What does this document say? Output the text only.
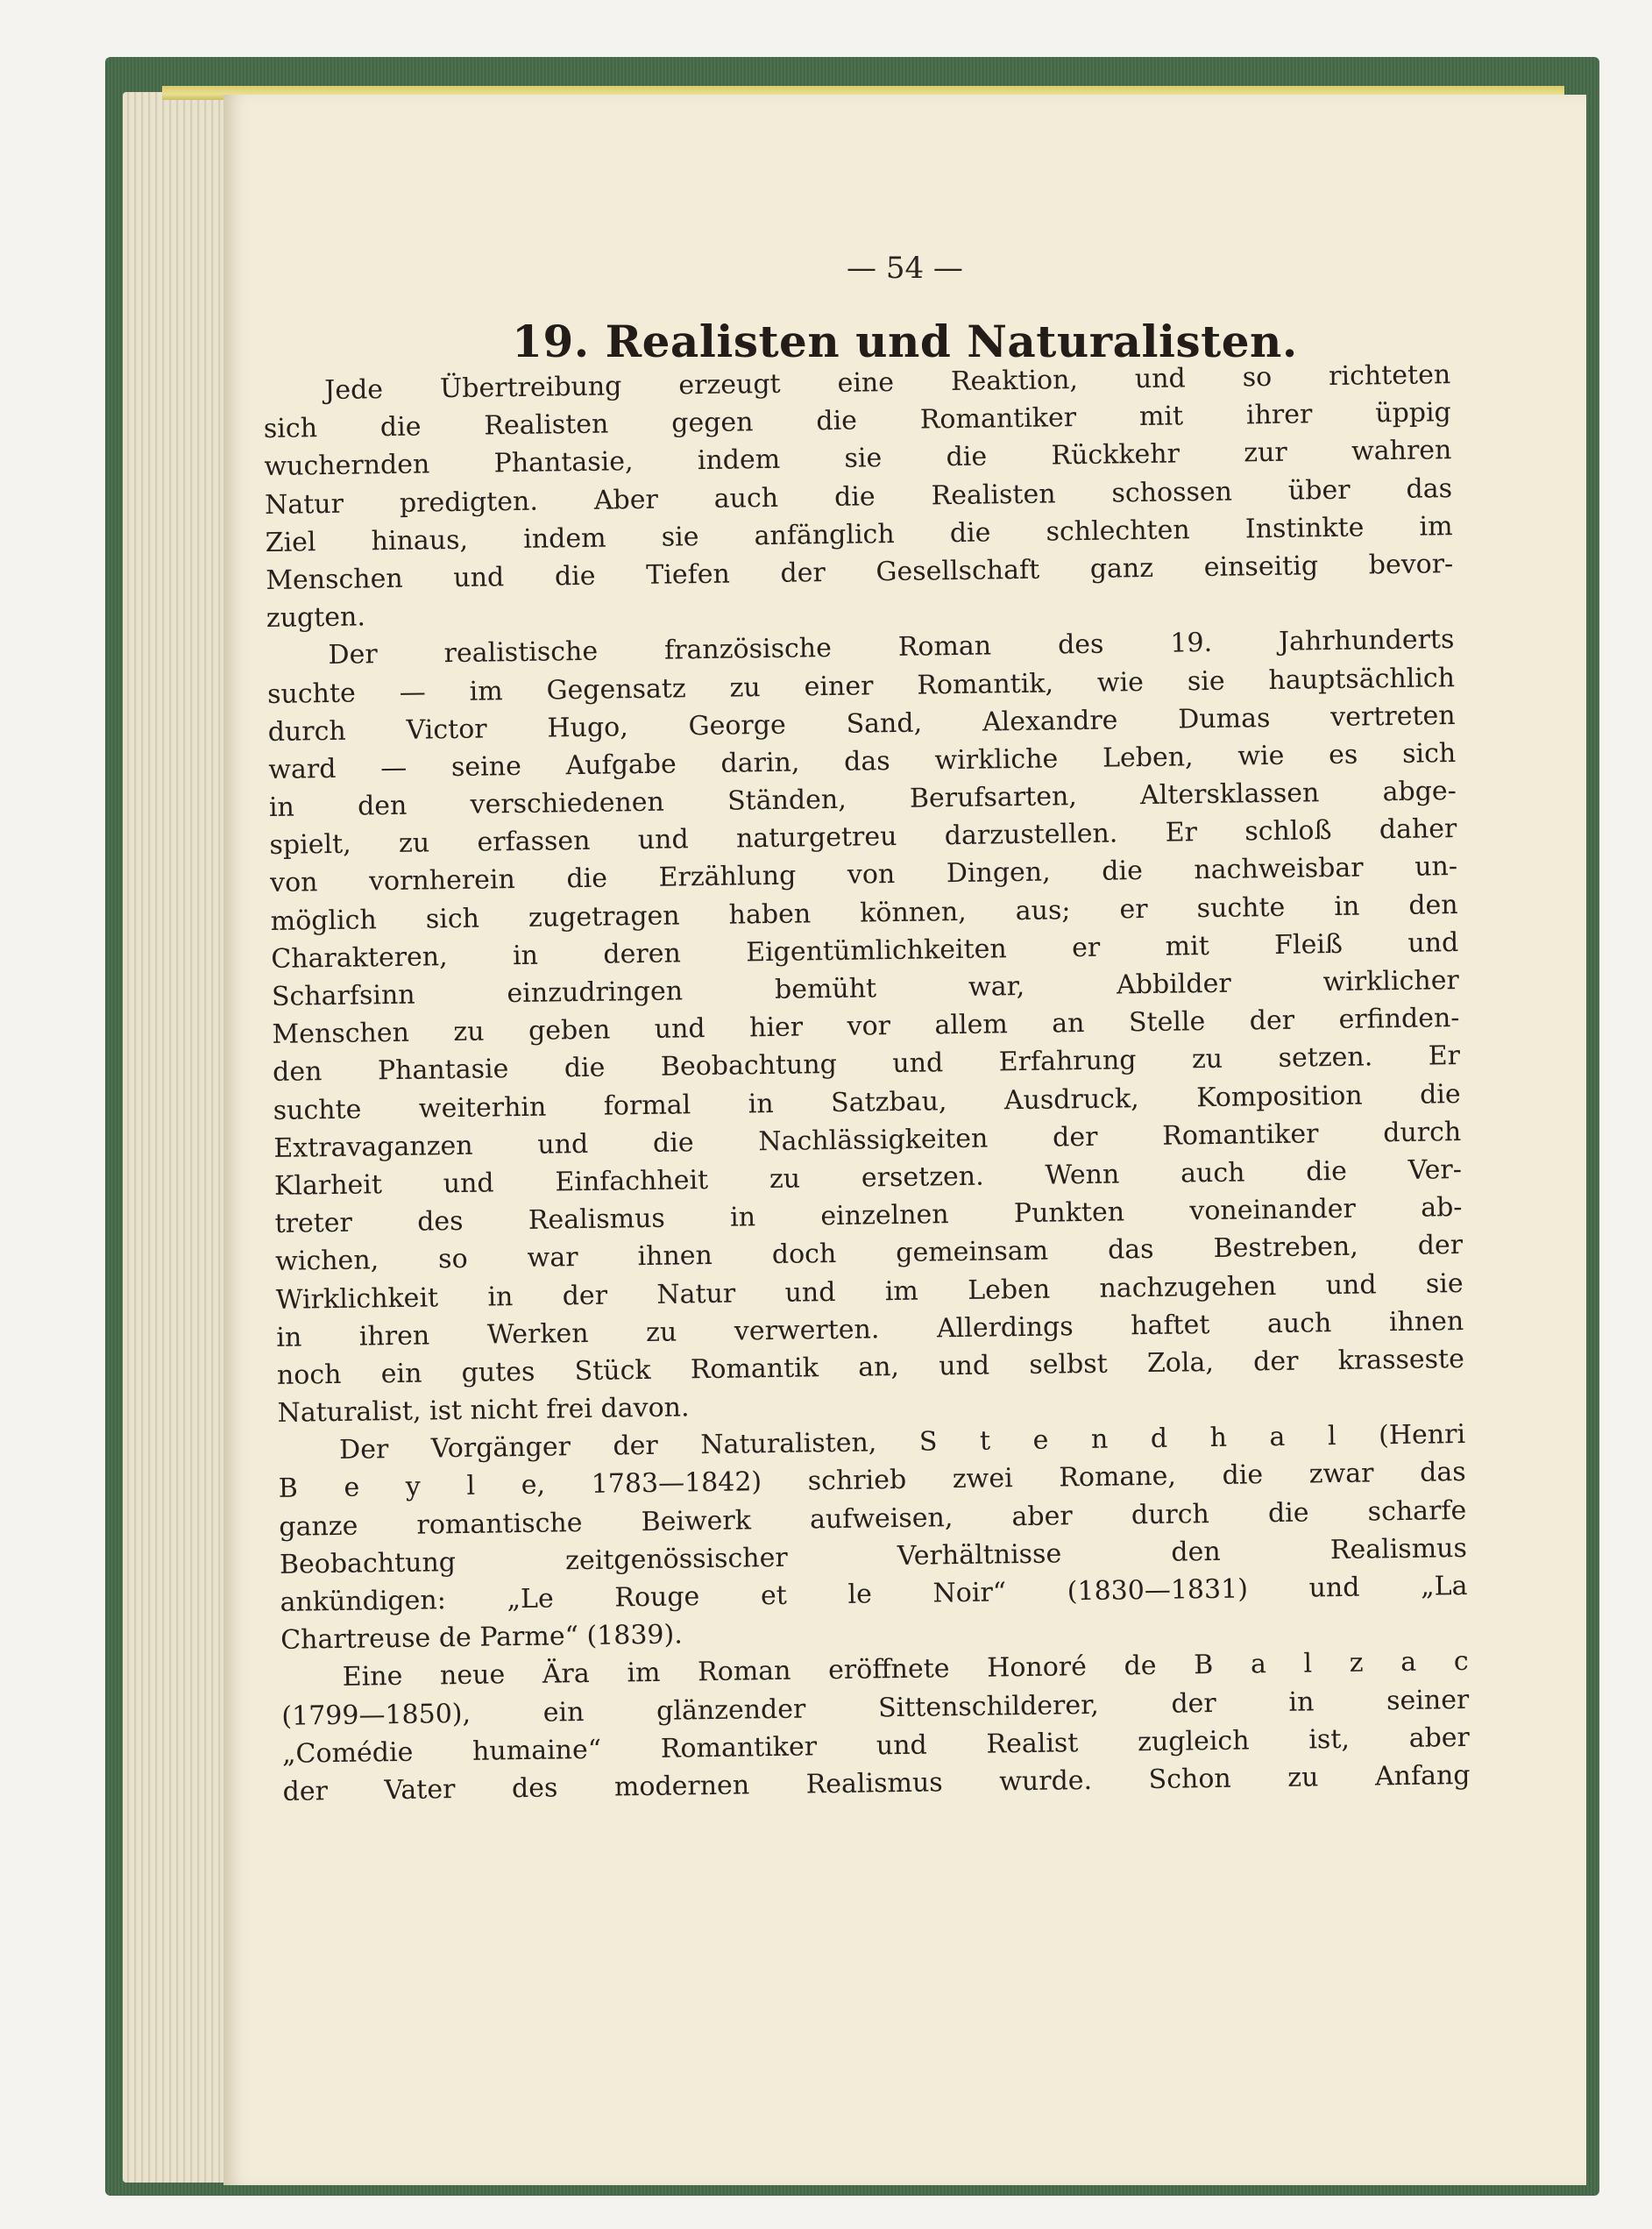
— 54 —
19. Realisten und Naturalisten.
Jede Übertreibung erzeugt eine Reaktion, und so richteten
sich die Realisten gegen die Romantiker mit ihrer üppig
wuchernden Phantasie, indem sie die Rückkehr zur wahren
Natur predigten. Aber auch die Realisten schossen über das
Ziel hinaus, indem sie anfänglich die schlechten Instinkte im
Menschen und die Tiefen der Gesellschaft ganz einseitig bevor-
zugten.
Der realistische französische Roman des 19. Jahrhunderts
suchte — im Gegensatz zu einer Romantik, wie sie hauptsächlich
durch Victor Hugo, George Sand, Alexandre Dumas vertreten
ward — seine Aufgabe darin, das wirkliche Leben, wie es sich
in den verschiedenen Ständen, Berufsarten, Altersklassen abge-
spielt, zu erfassen und naturgetreu darzustellen. Er schloß daher
von vornherein die Erzählung von Dingen, die nachweisbar un-
möglich sich zugetragen haben können, aus; er suchte in den
Charakteren, in deren Eigentümlichkeiten er mit Fleiß und
Scharfsinn einzudringen bemüht war, Abbilder wirklicher
Menschen zu geben und hier vor allem an Stelle der erfinden-
den Phantasie die Beobachtung und Erfahrung zu setzen. Er
suchte weiterhin formal in Satzbau, Ausdruck, Komposition die
Extravaganzen und die Nachlässigkeiten der Romantiker durch
Klarheit und Einfachheit zu ersetzen. Wenn auch die Ver-
treter des Realismus in einzelnen Punkten voneinander ab-
wichen, so war ihnen doch gemeinsam das Bestreben, der
Wirklichkeit in der Natur und im Leben nachzugehen und sie
in ihren Werken zu verwerten. Allerdings haftet auch ihnen
noch ein gutes Stück Romantik an, und selbst Zola, der krasseste
Naturalist, ist nicht frei davon.
Der Vorgänger der Naturalisten, S t e n d h a l (Henri
B e y l e, 1783—1842) schrieb zwei Romane, die zwar das
ganze romantische Beiwerk aufweisen, aber durch die scharfe
Beobachtung zeitgenössischer Verhältnisse den Realismus
ankündigen: „Le Rouge et le Noir“ (1830—1831) und „La
Chartreuse de Parme“ (1839).
Eine neue Ära im Roman eröffnete Honoré de B a l z a c
(1799—1850), ein glänzender Sittenschilderer, der in seiner
„Comédie humaine“ Romantiker und Realist zugleich ist, aber
der Vater des modernen Realismus wurde. Schon zu Anfang
